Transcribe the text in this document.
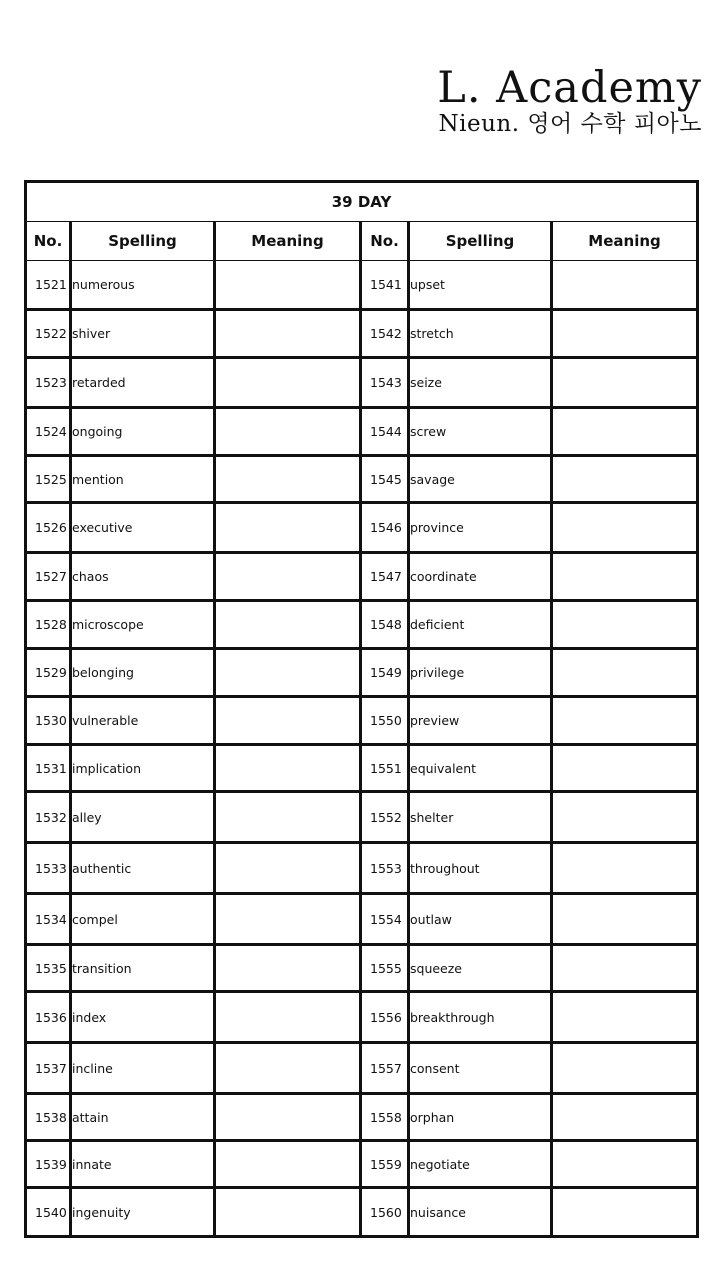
L. Academy
Nieun. 영어 수학 피아노
39 DAY					
No.	Spelling	Meaning	No.	Spelling	Meaning
1521	numerous		1541	upset	
1522	shiver		1542	stretch	
1523	retarded		1543	seize	
1524	ongoing		1544	screw	
1525	mention		1545	savage	
1526	executive		1546	province	
1527	chaos		1547	coordinate	
1528	microscope		1548	deficient	
1529	belonging		1549	privilege	
1530	vulnerable		1550	preview	
1531	implication		1551	equivalent	
1532	alley		1552	shelter	
1533	authentic		1553	throughout	
1534	compel		1554	outlaw	
1535	transition		1555	squeeze	
1536	index		1556	breakthrough	
1537	incline		1557	consent	
1538	attain		1558	orphan	
1539	innate		1559	negotiate	
1540	ingenuity		1560	nuisance	
